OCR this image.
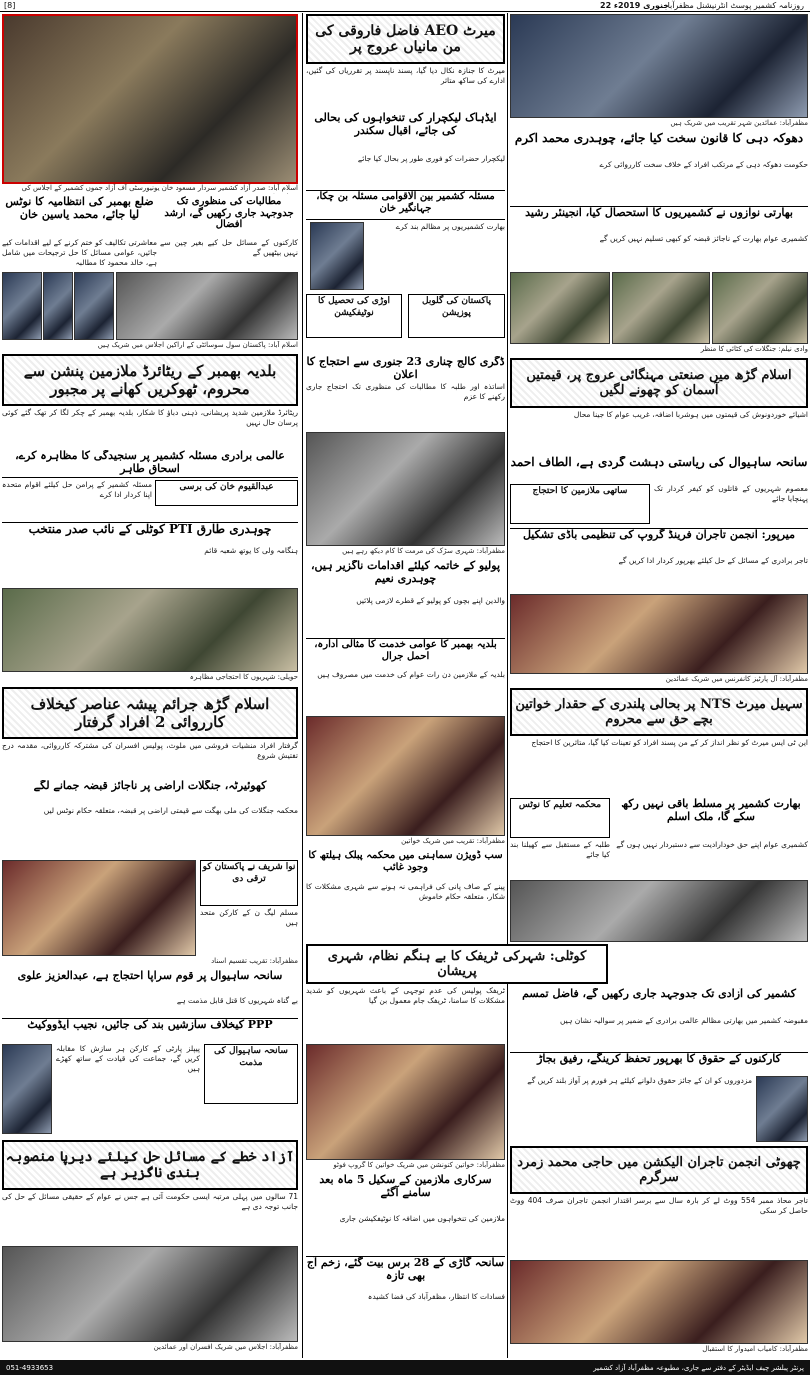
[8]	22 جنوری 2019ء
روزنامہ کشمیر پوسٹ انٹرنیشنل مظفرآباد
اسلام آباد: صدر آزاد کشمیر سردار مسعود خان یونیورسٹی آف آزاد جموں کشمیر کے اجلاس کی
مطالبات کی منظوری تک جدوجہد جاری رکھیں گے، ارشد افضال
کارکنوں کے مسائل حل کیے بغیر چین سے نہیں بیٹھیں گے
ضلع بھمبر کی انتظامیہ کا نوٹس لیا جائے، محمد یاسین خان
معاشرتی تکالیف کو ختم کرنے کے لیے اقدامات کیے جائیں، عوامی مسائل کا حل ترجیحات میں شامل ہے، خالد محمود کا مطالبہ
اسلام آباد: پاکستان سول سوسائٹی کے اراکین اجلاس میں شریک ہیں
بلدیہ بھمبر کے ریٹائرڈ ملازمین پنشن سے محروم، ٹھوکریں کھانے پر مجبور
ریٹائرڈ ملازمین شدید پریشانی، ذہنی دباؤ کا شکار، بلدیہ بھمبر کے چکر لگا کر تھک گئے کوئی پرسان حال نہیں
عالمی برادری مسئلہ کشمیر پر سنجیدگی کا مظاہرہ کرے، اسحاق طاہر
مسئلہ کشمیر کے پرامن حل کیلئے اقوام متحدہ اپنا کردار ادا کرے
عبدالقیوم خان کی برسی
چوہدری طارق PTI کوٹلی کے نائب صدر منتخب
ہنگامہ ولی کا یوتھ شعبہ قائم
حویلی: شہریوں کا احتجاجی مظاہرہ
اسلام گڑھ جرائم پیشہ عناصر کیخلاف کارروائی 2 افراد گرفتار
گرفتار افراد منشیات فروشی میں ملوث، پولیس افسران کی مشترکہ کارروائی، مقدمہ درج تفتیش شروع
کھوئیرٹہ، جنگلات اراضی پر ناجائز قبضہ جمانے لگے
محکمہ جنگلات کی ملی بھگت سے قیمتی اراضی پر قبضہ، متعلقہ حکام نوٹس لیں
نوا شریف نے پاکستان کو ترقی دی
مسلم لیگ ن کے کارکن متحد ہیں
مظفرآباد: تقریب تقسیم اسناد
سانحہ ساہیوال پر قوم سراپا احتجاج ہے، عبدالعزیز علوی
بے گناہ شہریوں کا قتل قابل مذمت ہے
PPP کیخلاف سازشیں بند کی جائیں، نجیب ایڈووکیٹ
پیپلز پارٹی کے کارکن ہر سازش کا مقابلہ کریں گے، جماعت کی قیادت کے ساتھ کھڑے ہیں
سانحہ ساہیوال کی مذمت
آزاد خطے کے مسائل حل کیلئے دیرپا منصوبہ بندی ناگزیر ہے
71 سالوں میں پہلی مرتبہ ایسی حکومت آئی ہے جس نے عوام کے حقیقی مسائل کے حل کی جانب توجہ دی ہے
مظفرآباد: اجلاس میں شریک افسران اور عمائدین
میرٹ AEO فاضل فاروقی کی من مانیاں عروج پر
میرٹ کا جنازہ نکال دیا گیا، پسند ناپسند پر تقرریاں کی گئیں، ادارے کی ساکھ متاثر
ایڈہاک لیکچرار کی تنخواہوں کی بحالی کی جائے، اقبال سکندر
لیکچرار حضرات کو فوری طور پر بحال کیا جائے
مسئلہ کشمیر بین الاقوامی مسئلہ بن چکا، جہانگیر خان
بھارت کشمیریوں پر مظالم بند کرے
اوڑی کی تحصیل کا نوٹیفکیشن
پاکستان کی گلوبل پوزیشن
ڈگری کالج چناری 23 جنوری سے احتجاج کا اعلان
اساتذہ اور طلبہ کا مطالبات کی منظوری تک احتجاج جاری رکھنے کا عزم
مظفرآباد: شہری سڑک کی مرمت کا کام دیکھ رہے ہیں
پولیو کے خاتمہ کیلئے اقدامات ناگزیر ہیں، چوہدری نعیم
والدین اپنے بچوں کو پولیو کے قطرے لازمی پلائیں
بلدیہ بھمبر کا عوامی خدمت کا مثالی ادارہ، احمل جرال
بلدیہ کے ملازمین دن رات عوام کی خدمت میں مصروف ہیں
مظفرآباد: تقریب میں شریک خواتین
سب ڈویژن سماہنی میں محکمہ پبلک ہیلتھ کا وجود غائب
پینے کے صاف پانی کی فراہمی نہ ہونے سے شہری مشکلات کا شکار، متعلقہ حکام خاموش
کوٹلی: شہرکی ٹریفک کا بے ہنگم نظام، شہری پریشان
ٹریفک پولیس کی عدم توجہی کے باعث شہریوں کو شدید مشکلات کا سامنا، ٹریفک جام معمول بن گیا
مظفرآباد: خواتین کنونشن میں شریک خواتین کا گروپ فوٹو
سرکاری ملازمین کے سکیل 5 ماہ بعد سامنے آگئے
ملازمین کی تنخواہوں میں اضافہ کا نوٹیفکیشن جاری
سانحہ گاڑی کے 28 برس بیت گئے، زخم آج بھی تازہ
فسادات کا انتظار، مظفرآباد کی فضا کشیدہ
مظفرآباد: عمائدین شہر تقریب میں شریک ہیں
دھوکہ دہی کا قانون سخت کیا جائے، چوہدری محمد اکرم
حکومت دھوکہ دہی کے مرتکب افراد کے خلاف سخت کارروائی کرے
بھارتی نوازوں نے کشمیریوں کا استحصال کیا، انجینئر رشید
کشمیری عوام بھارت کے ناجائز قبضہ کو کبھی تسلیم نہیں کریں گے
وادی نیلم: جنگلات کی کٹائی کا منظر
اسلام گڑھ میں صنعتی مہنگائی عروج پر، قیمتیں آسمان کو چھونے لگیں
اشیائے خوردونوش کی قیمتوں میں ہوشربا اضافہ، غریب عوام کا جینا محال
سانحہ ساہیوال کی ریاستی دہشت گردی ہے، الطاف احمد
ساتھی ملازمین کا احتجاج	معصوم شہریوں کے قاتلوں کو کیفر کردار تک پہنچایا جائے
میرپور: انجمن تاجران فرینڈ گروپ کی تنظیمی باڈی تشکیل
تاجر برادری کے مسائل کے حل کیلئے بھرپور کردار ادا کریں گے
مظفرآباد: آل پارٹیز کانفرنس میں شریک عمائدین
سہیل میرٹ NTS پر بحالی پلندری کے حقدار خواتین بچے حق سے محروم
این ٹی ایس میرٹ کو نظر انداز کر کے من پسند افراد کو تعینات کیا گیا، متاثرین کا احتجاج
محکمہ تعلیم کا نوٹس	بھارت کشمیر پر مسلط باقی نہیں رکھ سکے گا، ملک اسلم
کشمیری عوام اپنے حق خودارادیت سے دستبردار نہیں ہوں گے
طلبہ کے مستقبل سے کھیلنا بند کیا جائے
کشمیر کی آزادی تک جدوجہد جاری رکھیں گے، فاضل تمسم
مقبوضہ کشمیر میں بھارتی مظالم عالمی برادری کے ضمیر پر سوالیہ نشان ہیں
کارکنوں کے حقوق کا بھرپور تحفظ کرینگے، رفیق بجاڑ
مزدوروں کو ان کے جائز حقوق دلوانے کیلئے ہر فورم پر آواز بلند کریں گے
چھوٹی انجمن تاجران الیکشن میں حاجی محمد زمرد سرگرم
تاجر محاذ ممبر 554 ووٹ لے کر بارہ سال سے برسر اقتدار انجمن تاجران صرف 404 ووٹ حاصل کر سکی
مظفرآباد: کامیاب امیدوار کا استقبال
051-4933653	پرنٹر پبلشر چیف ایڈیٹر کے دفتر سے جاری، مطبوعہ مظفرآباد آزاد کشمیر
